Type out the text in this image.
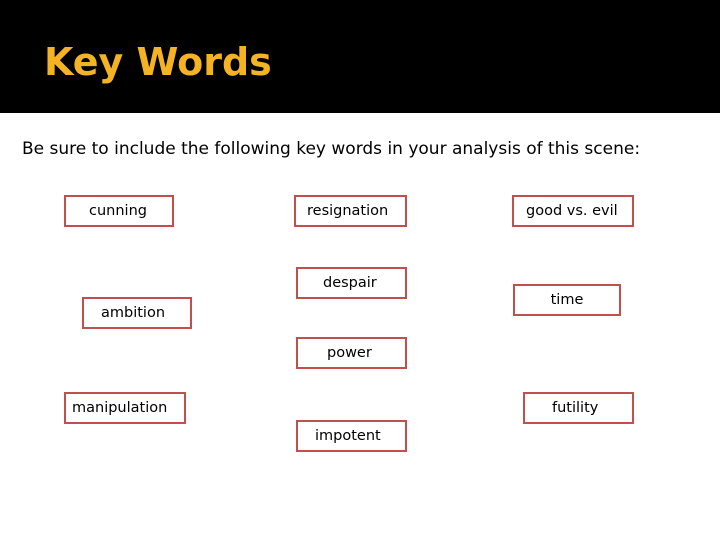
Key Words

Be sure to include the following key words in your analysis of this scene:

cunning	resignation	good vs. evil
despair
time
ambition
power
manipulation	futility
impotent
